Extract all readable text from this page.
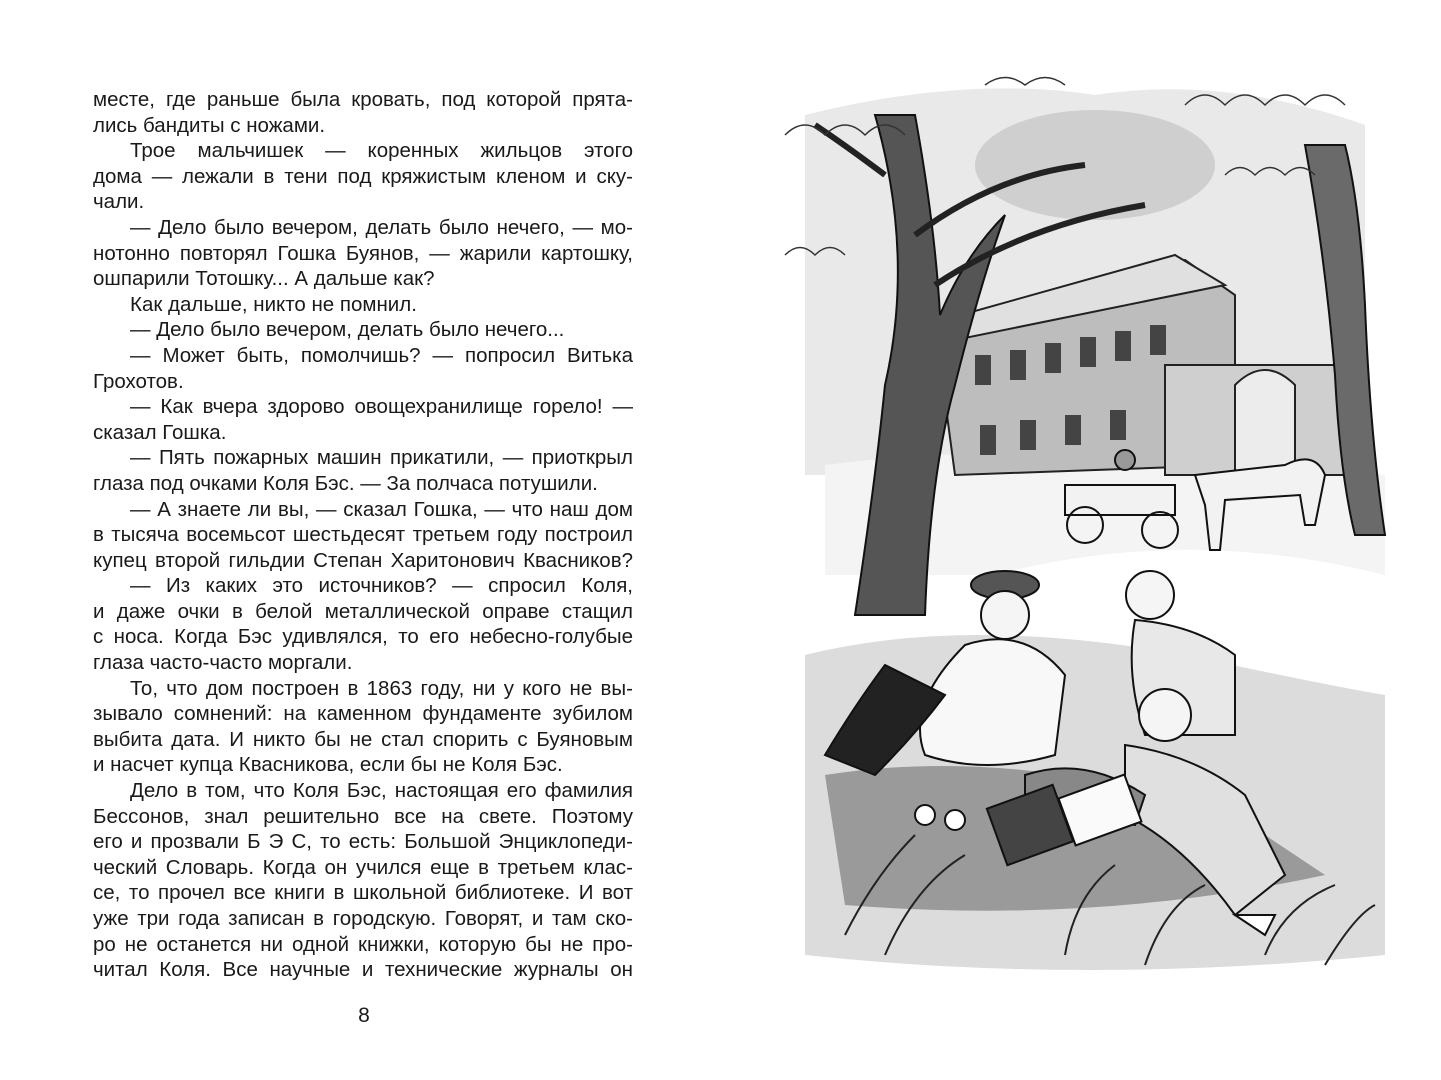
месте, где раньше была кровать, под которой прята-
лись бандиты с ножами.
Трое мальчишек — коренных жильцов этого
дома — лежали в тени под кряжистым кленом и ску-
чали.
— Дело было вечером, делать было нечего, — мо-
нотонно повторял Гошка Буянов, — жарили картошку,
ошпарили Тотошку... А дальше как?
Как дальше, никто не помнил.
— Дело было вечером, делать было нечего...
— Может быть, помолчишь? — попросил Витька
Грохотов.
— Как вчера здорово овощехранилище горело! —
сказал Гошка.
— Пять пожарных машин прикатили, — приоткрыл
глаза под очками Коля Бэс. — За полчаса потушили.
— А знаете ли вы, — сказал Гошка, — что наш дом
в тысяча восемьсот шестьдесят третьем году построил
купец второй гильдии Степан Харитонович Квасников?
— Из каких это источников? — спросил Коля,
и даже очки в белой металлической оправе стащил
с носа. Когда Бэс удивлялся, то его небесно-голубые
глаза часто-часто моргали.
То, что дом построен в 1863 году, ни у кого не вы-
зывало сомнений: на каменном фундаменте зубилом
выбита дата. И никто бы не стал спорить с Буяновым
и насчет купца Квасникова, если бы не Коля Бэс.
Дело в том, что Коля Бэс, настоящая его фамилия
Бессонов, знал решительно все на свете. Поэтому
его и прозвали Б Э С, то есть: Большой Энциклопеди-
ческий Словарь. Когда он учился еще в третьем клас-
се, то прочел все книги в школьной библиотеке. И вот
уже три года записан в городскую. Говорят, и там ско-
ро не останется ни одной книжки, которую бы не про-
читал Коля. Все научные и технические журналы он
8
